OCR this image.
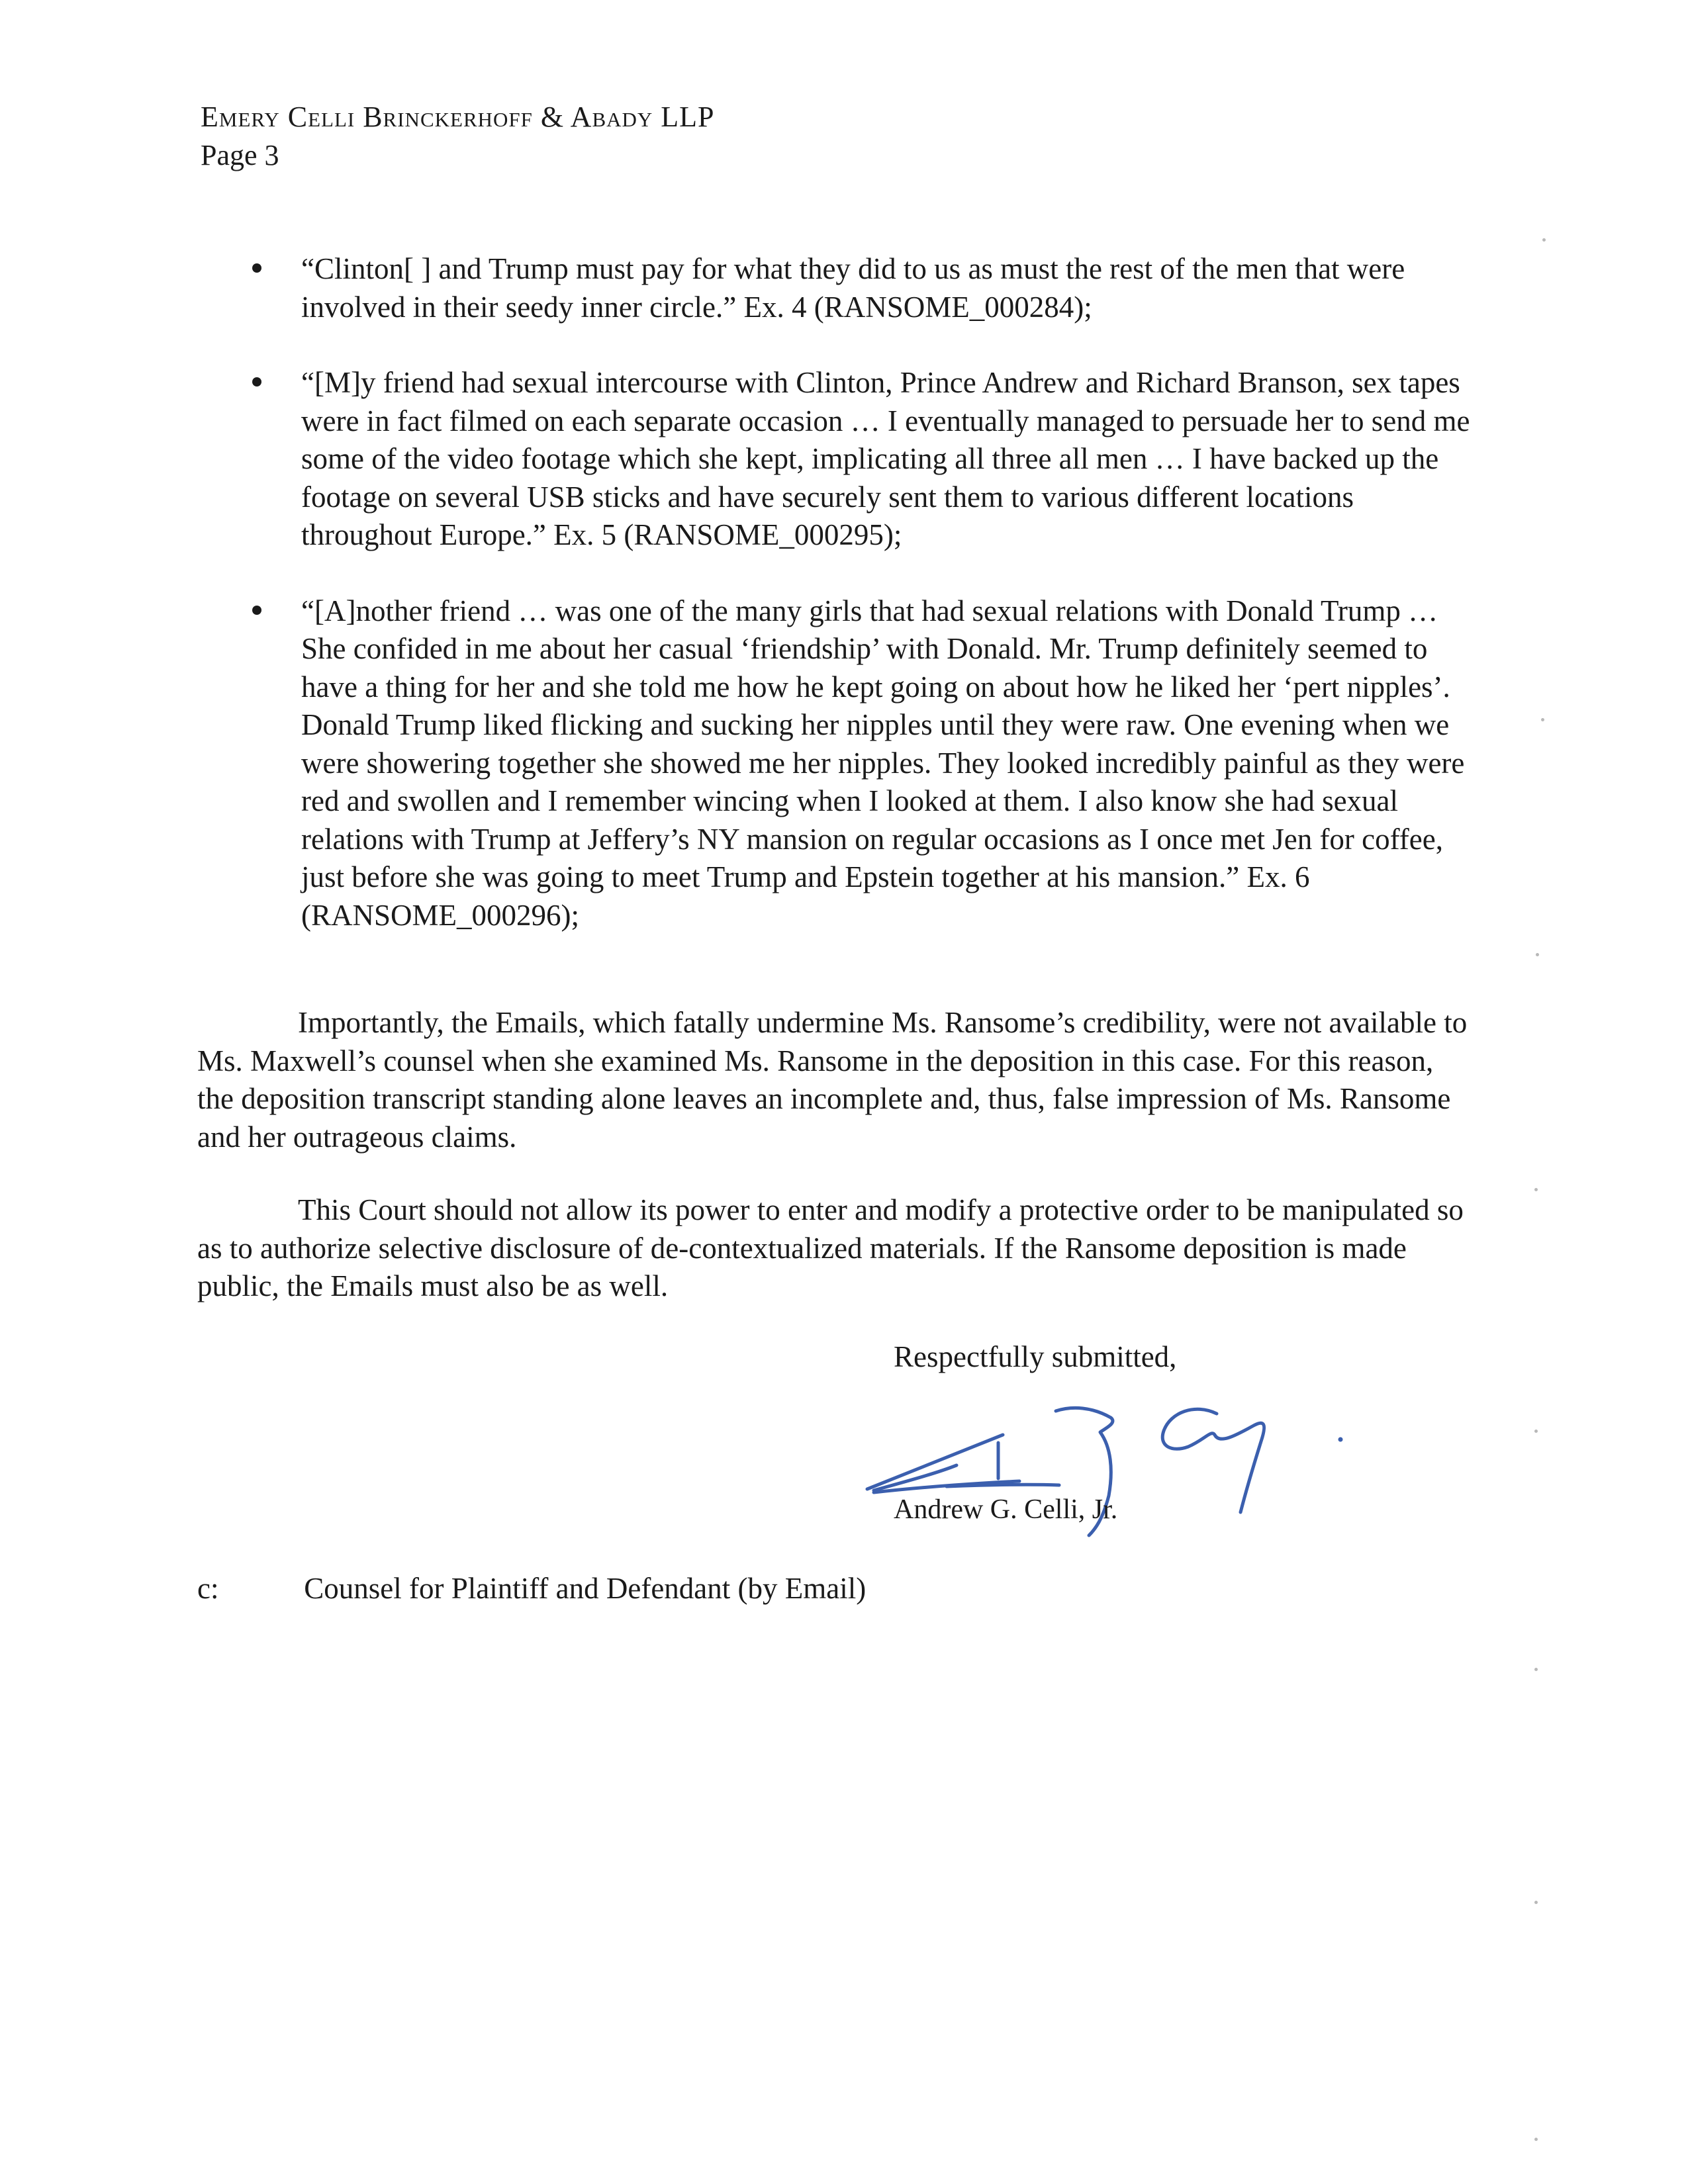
Emery Celli Brinckerhoff & Abady LLP
Page 3
“Clinton[ ] and Trump must pay for what they did to us as must the rest of the men that were involved in their seedy inner circle.” Ex. 4 (RANSOME_000284);
“[M]y friend had sexual intercourse with Clinton, Prince Andrew and Richard Branson, sex tapes were in fact filmed on each separate occasion … I eventually managed to persuade her to send me some of the video footage which she kept, implicating all three all men … I have backed up the footage on several USB sticks and have securely sent them to various different locations throughout Europe.” Ex. 5 (RANSOME_000295);
“[A]nother friend … was one of the many girls that had sexual relations with Donald Trump … She confided in me about her casual ‘friendship’ with Donald. Mr. Trump definitely seemed to have a thing for her and she told me how he kept going on about how he liked her ‘pert nipples’. Donald Trump liked flicking and sucking her nipples until they were raw. One evening when we were showering together she showed me her nipples. They looked incredibly painful as they were red and swollen and I remember wincing when I looked at them. I also know she had sexual relations with Trump at Jeffery’s NY mansion on regular occasions as I once met Jen for coffee, just before she was going to meet Trump and Epstein together at his mansion.” Ex. 6 (RANSOME_000296);

Importantly, the Emails, which fatally undermine Ms. Ransome’s credibility, were not available to Ms. Maxwell’s counsel when she examined Ms. Ransome in the deposition in this case. For this reason, the deposition transcript standing alone leaves an incomplete and, thus, false impression of Ms. Ransome and her outrageous claims.

This Court should not allow its power to enter and modify a protective order to be manipulated so as to authorize selective disclosure of de-contextualized materials. If the Ransome deposition is made public, the Emails must also be as well.

Respectfully submitted,
Andrew G. Celli, Jr.
c:	Counsel for Plaintiff and Defendant (by Email)
